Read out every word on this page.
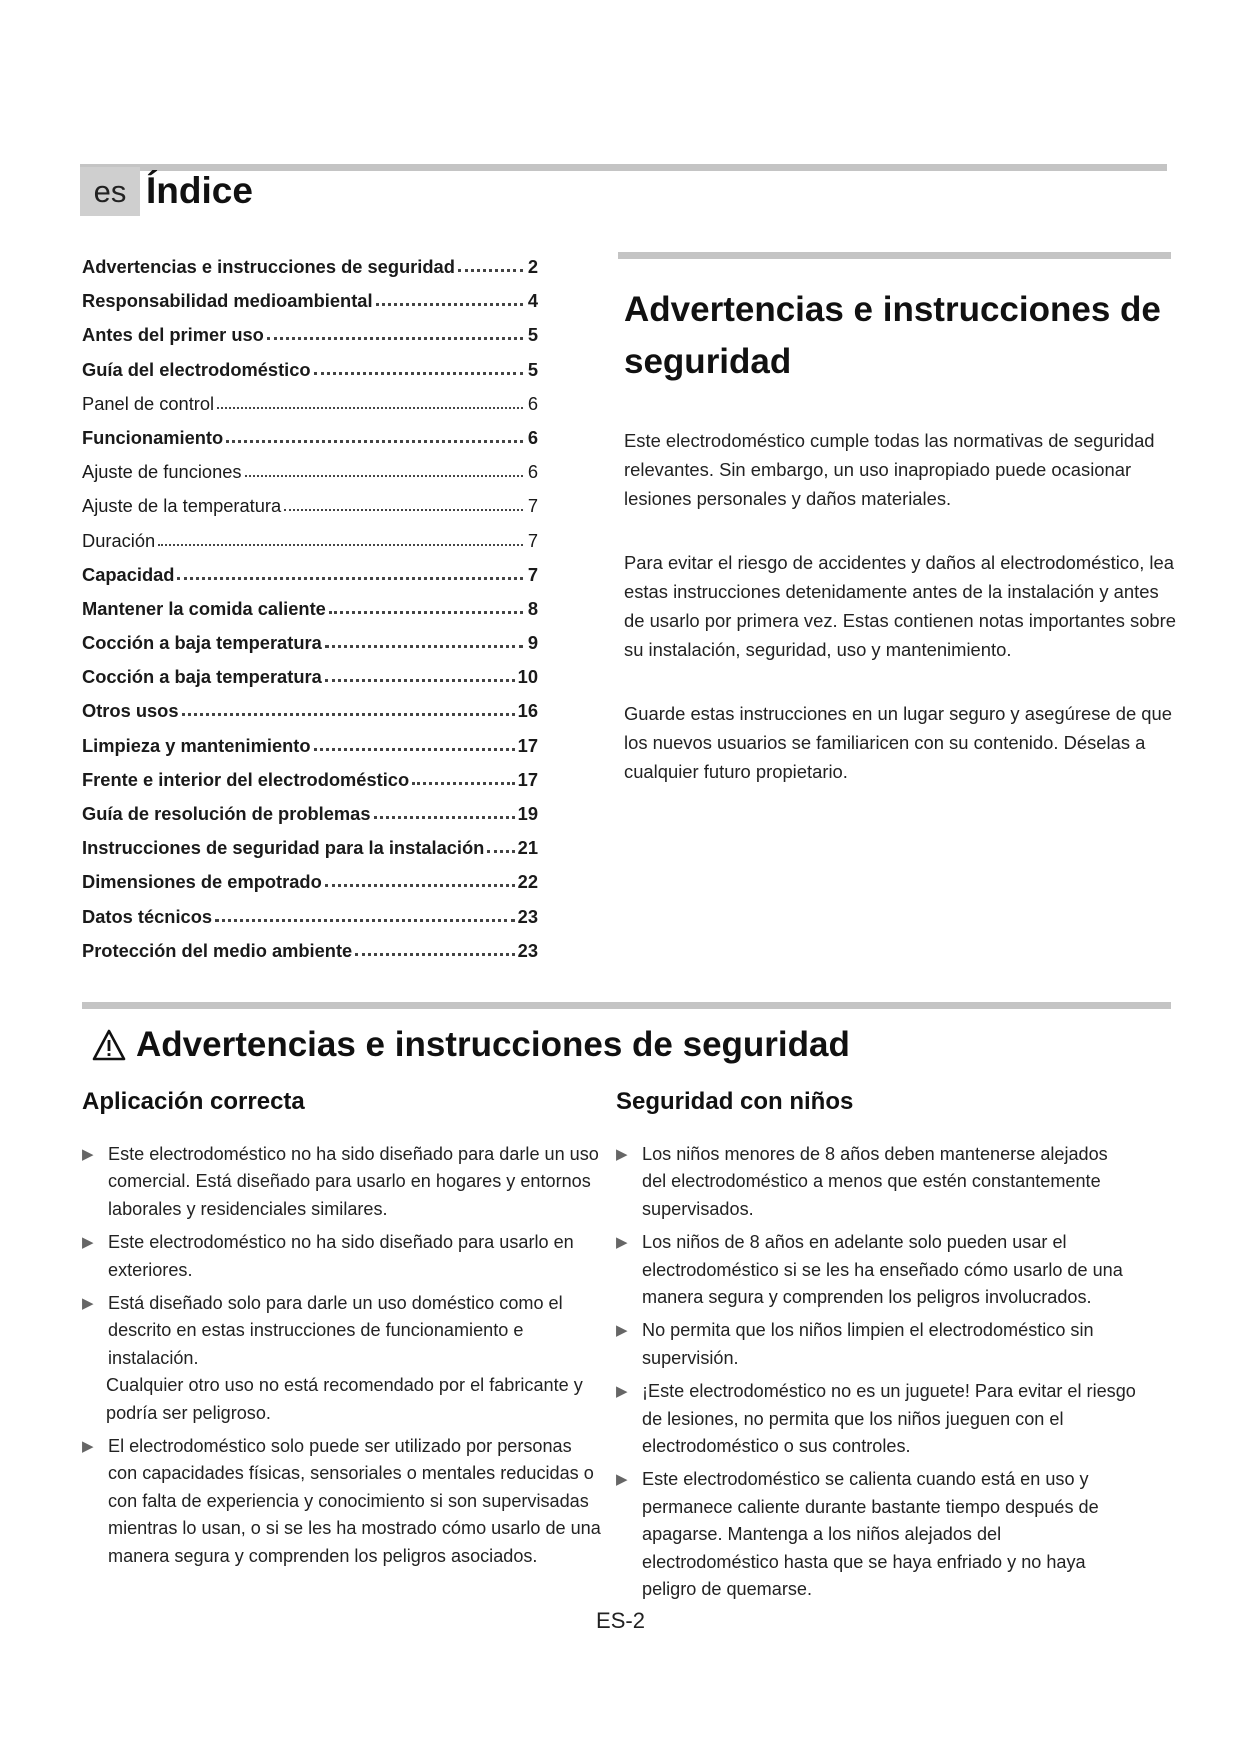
es Índice
Advertencias e instrucciones de seguridad	2
Responsabilidad medioambiental	4
Antes del primer uso	5
Guía del electrodoméstico	5
Panel de control	6
Funcionamiento	6
Ajuste de funciones	6
Ajuste de la temperatura	7
Duración	7
Capacidad	7
Mantener la comida caliente	8
Cocción a baja temperatura	9
Cocción a baja temperatura	10
Otros usos	16
Limpieza y mantenimiento	17
Frente e interior del electrodoméstico	17
Guía de resolución de problemas	19
Instrucciones de seguridad para la instalación 21
Dimensiones de empotrado	22
Datos técnicos	23
Protección del medio ambiente	23
Advertencias e instrucciones de
seguridad

Este electrodoméstico cumple todas las normativas de seguridad relevantes. Sin embargo, un uso inapropiado puede ocasionar lesiones personales y daños materiales.

Para evitar el riesgo de accidentes y daños al electrodoméstico, lea estas instrucciones detenidamente antes de la instalación y antes de usarlo por primera vez. Estas contienen notas importantes sobre su instalación, seguridad, uso y mantenimiento.

Guarde estas instrucciones en un lugar seguro y asegúrese de que los nuevos usuarios se familiaricen con su contenido. Déselas a cualquier futuro propietario.

Advertencias e instrucciones de seguridad
Aplicación correcta
▶ Este electrodoméstico no ha sido diseñado para darle un uso comercial. Está diseñado para usarlo en hogares y entornos laborales y residenciales similares.
▶ Este electrodoméstico no ha sido diseñado para usarlo en exteriores.
▶ Está diseñado solo para darle un uso doméstico como el descrito en estas instrucciones de funcionamiento e instalación.
Cualquier otro uso no está recomendado por el fabricante y podría ser peligroso.
▶ El electrodoméstico solo puede ser utilizado por personas con capacidades físicas, sensoriales o mentales reducidas o con falta de experiencia y conocimiento si son supervisadas mientras lo usan, o si se les ha mostrado cómo usarlo de una manera segura y comprenden los peligros asociados.
Seguridad con niños
▶ Los niños menores de 8 años deben mantenerse alejados del electrodoméstico a menos que estén constantemente supervisados.
▶ Los niños de 8 años en adelante solo pueden usar el electrodoméstico si se les ha enseñado cómo usarlo de una manera segura y comprenden los peligros involucrados.
▶ No permita que los niños limpien el electrodoméstico sin supervisión.
▶ ¡Este electrodoméstico no es un juguete! Para evitar el riesgo de lesiones, no permita que los niños jueguen con el electrodoméstico o sus controles.
▶ Este electrodoméstico se calienta cuando está en uso y permanece caliente durante bastante tiempo después de apagarse. Mantenga a los niños alejados del electrodoméstico hasta que se haya enfriado y no haya peligro de quemarse.
ES-2
